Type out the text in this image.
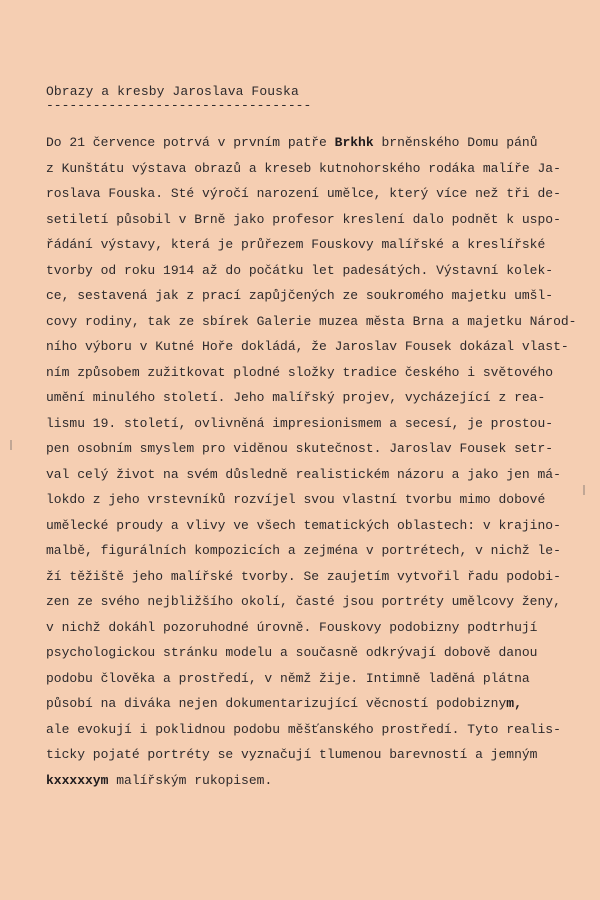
Obrazy a kresby Jaroslava Fouska
----------------------------------
Do 21 července potrvá v prvním patře Brkhk brněnského Domu pánů
z Kunštátu výstava obrazů a kreseb kutnohorského rodáka malíře Ja-
roslava Fouska. Sté výročí narození umělce, který více než tři de-
setiletí působil v Brně jako profesor kreslení dalo podnět k uspo-
řádání výstavy, která je průřezem Fouskovy malířské a kreslířské
tvorby od roku 1914 až do počátku let padesátých. Výstavní kolek-
ce, sestavená jak z prací zapůjčených ze soukromého majetku umšl-
covy rodiny, tak ze sbírek Galerie muzea města Brna a majetku Národ-
ního výboru v Kutné Hoře dokládá, že Jaroslav Fousek dokázal vlast-
ním způsobem zužitkovat plodné složky tradice českého i světového
umění minulého století. Jeho malířský projev, vycházející z rea-
lismu 19. století, ovlivněná impresionismem a secesí, je prostou-
pen osobním smyslem pro viděnou skutečnost. Jaroslav Fousek setr-
val celý život na svém důsledně realistickém názoru a jako jen má-
lokdo z jeho vrstevníků rozvíjel svou vlastní tvorbu mimo dobové
umělecké proudy a vlivy ve všech tematických oblastech: v krajino-
malbě, figurálních kompozicích a zejména v portrétech, v nichž le-
ží těžiště jeho malířské tvorby. Se zaujetím vytvořil řadu podobi-
zen ze svého nejbližšího okolí, časté jsou portréty umělcovy ženy,
v nichž dokáhl pozoruhodné úrovně. Fouskovy podobizny podtrhují
psychologickou stránku modelu a současně odkrývají dobově danou
podobu člověka a prostředí, v němž žije. Intimně laděná plátna
působí na diváka nejen dokumentarizující věcností podobiznym,
ale evokují i poklidnou podobu měšťanského prostředí. Tyto realis-
ticky pojaté portréty se vyznačují tlumenou barevností a jemným
kxxxxxym malířským rukopisem.
